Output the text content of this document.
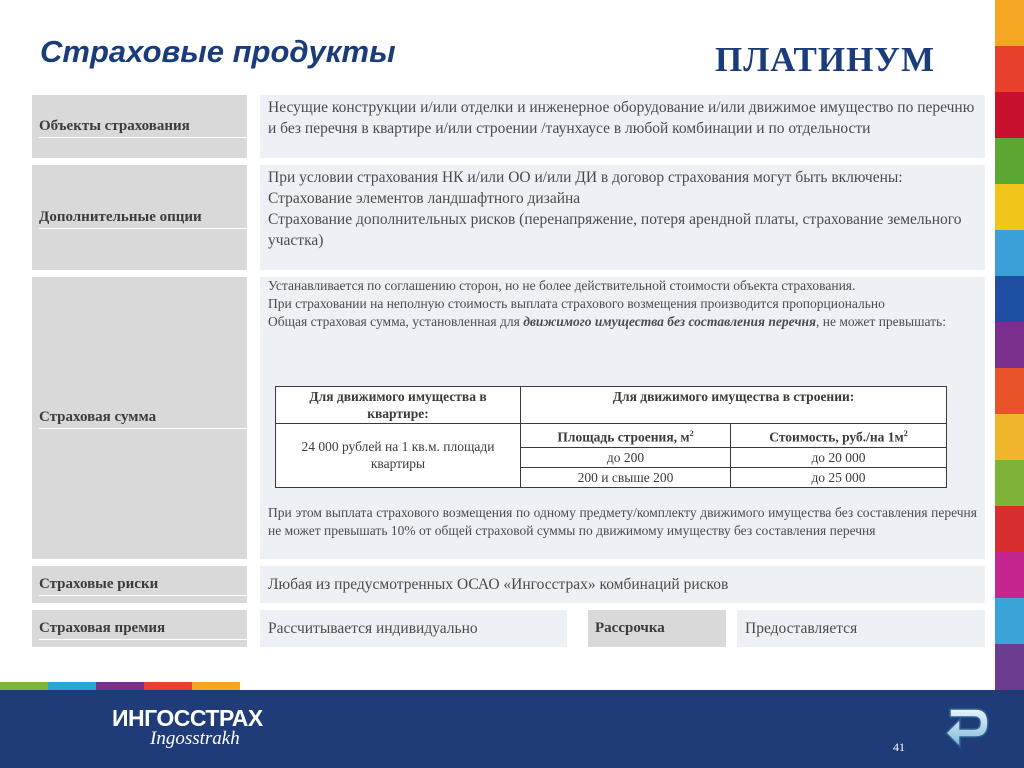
Страховые продукты	ПЛАТИНУМ
Объекты страхования
Несущие конструкции и/или отделки и инженерное оборудование и/или движимое имущество по перечню и без перечня в квартире и/или строении /таунхаусе в любой комбинации и по отдельности
Дополнительные опции
При условии страхования НК и/или ОО и/или ДИ в договор страхования могут быть включены:
Страхование элементов ландшафтного дизайна
Страхование дополнительных рисков (перенапряжение, потеря арендной платы, страхование земельного участка)
Страховая сумма
Устанавливается по соглашению сторон, но не более действительной стоимости объекта страхования.
При страховании на неполную стоимость выплата страхового возмещения производится пропорционально
Общая страховая сумма, установленная для движимого имущества без составления перечня, не может превышать:
При этом выплата страхового возмещения по одному предмету/комплекту движимого имущества без составления перечня не может превышать 10% от общей страховой суммы по движимому имуществу без составления перечня
Для движимого имущества в квартире:	Для движимого имущества в строении:	
24 000 рублей на 1 кв.м. площади квартиры	Площадь строения, $м^2$	Стоимость, руб./на $1м^2$
	до 200	до 20 000
	200 и свыше 200	до 25 000
Страховые риски	Любая из предусмотренных ОСАО «Ингосстрах» комбинаций рисков
Страховая премия	Рассчитывается индивидуально	Рассрочка	Предоставляется
ИНГОССТРАХ
Ingosstrakh	41
